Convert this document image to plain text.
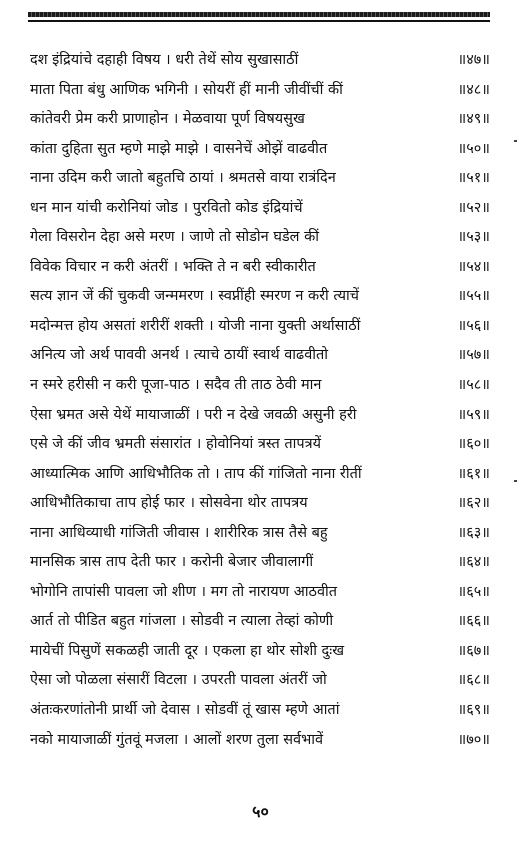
दश इंद्रियांचे दहाही विषय । धरी तेथें सोय सुखासाठीं	॥४७॥
माता पिता बंधु आणिक भगिनी । सोयरीं हीं मानी जीवींचीं कीं	॥४८॥
कांतेवरी प्रेम करी प्राणाहोन । मेळवाया पूर्ण विषयसुख	॥४९॥
कांता दुहिता सुत म्हणे माझे माझे । वासनेचें ओझें वाढवीत	॥५०॥
नाना उदिम करी जातो बहुतचि ठायां । श्रमतसे वाया रात्रंदिन	॥५१॥
धन मान यांची करोनियां जोड । पुरवितो कोड इंद्रियांचें	॥५२॥
गेला विसरोन देहा असे मरण । जाणे तो सोडोन घडेल कीं	॥५३॥
विवेक विचार न करी अंतरीं । भक्ति ते न बरी स्वीकारीत	॥५४॥
सत्य ज्ञान जें कीं चुकवी जन्ममरण । स्वप्नींही स्मरण न करी त्याचें	॥५५॥
मदोन्मत्त होय असतां शरीरीं शक्ती । योजी नाना युक्ती अर्थासाठीं	॥५६॥
अनित्य जो अर्थ पाववी अनर्थ । त्याचे ठायीं स्वार्थ वाढवीतो	॥५७॥
न स्मरे हरीसी न करी पूजा-पाठ । सदैव ती ताठ ठेवी मान	॥५८॥
ऐसा भ्रमत असे येथें मायाजाळीं । परी न देखे जवळी असुनी हरी	॥५९॥
एसे जे कीं जीव भ्रमती संसारांत । होवोनियां त्रस्त तापत्रयें	॥६०॥
आध्यात्मिक आणि आधिभौतिक तो । ताप कीं गांजितो नाना रीतीं	॥६१॥
आधिभौतिकाचा ताप होई फार । सोसवेना थोर तापत्रय	॥६२॥
नाना आधिव्याधी गांजिती जीवास । शारीरिक त्रास तैसे बहु	॥६३॥
मानसिक त्रास ताप देती फार । करोनी बेजार जीवालागीं	॥६४॥
भोगोनि तापांसी पावला जो शीण । मग तो नारायण आठवीत	॥६५॥
आर्त तो पीडित बहुत गांजला । सोडवी न त्याला तेव्हां कोणी	॥६६॥
मायेचीं पिसुणें सकळही जाती दूर । एकला हा थोर सोशी दुःख	॥६७॥
ऐसा जो पोळला संसारीं विटला । उपरती पावला अंतरीं जो	॥६८॥
अंतःकरणांतोनी प्रार्थी जो देवास । सोडवीं तूं खास म्हणे आतां	॥६९॥
नको मायाजाळीं गुंतवूं मजला । आलों शरण तुला सर्वभावें	॥७०॥
५०
